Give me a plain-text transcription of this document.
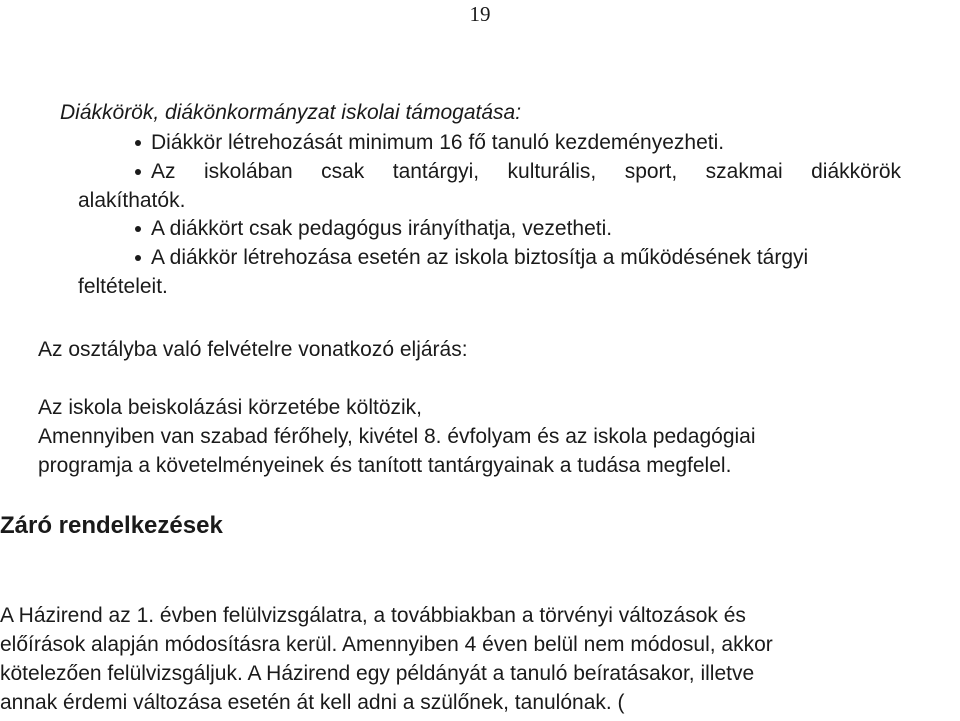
19
Diákkörök, diákönkormányzat iskolai támogatása:
Diákkör létrehozását minimum 16 fő tanuló kezdeményezheti.
Az iskolában csak tantárgyi, kulturális, sport, szakmai diákkörök
alakíthatók.
A diákkört csak pedagógus irányíthatja, vezetheti.
A diákkör létrehozása esetén az iskola biztosítja a működésének tárgyi
feltételeit.
Az osztályba való felvételre vonatkozó eljárás:
Az iskola beiskolázási körzetébe költözik,
Amennyiben van szabad férőhely, kivétel 8. évfolyam és az iskola pedagógiai
programja a követelményeinek és tanított tantárgyainak a tudása megfelel.
Záró rendelkezések
A Házirend az 1. évben felülvizsgálatra, a továbbiakban a törvényi változások és
előírások alapján módosításra kerül. Amennyiben 4 éven belül nem módosul, akkor
kötelezően felülvizsgáljuk. A Házirend egy példányát a tanuló beíratásakor, illetve
annak érdemi változása esetén át kell adni a szülőnek, tanulónak. (
